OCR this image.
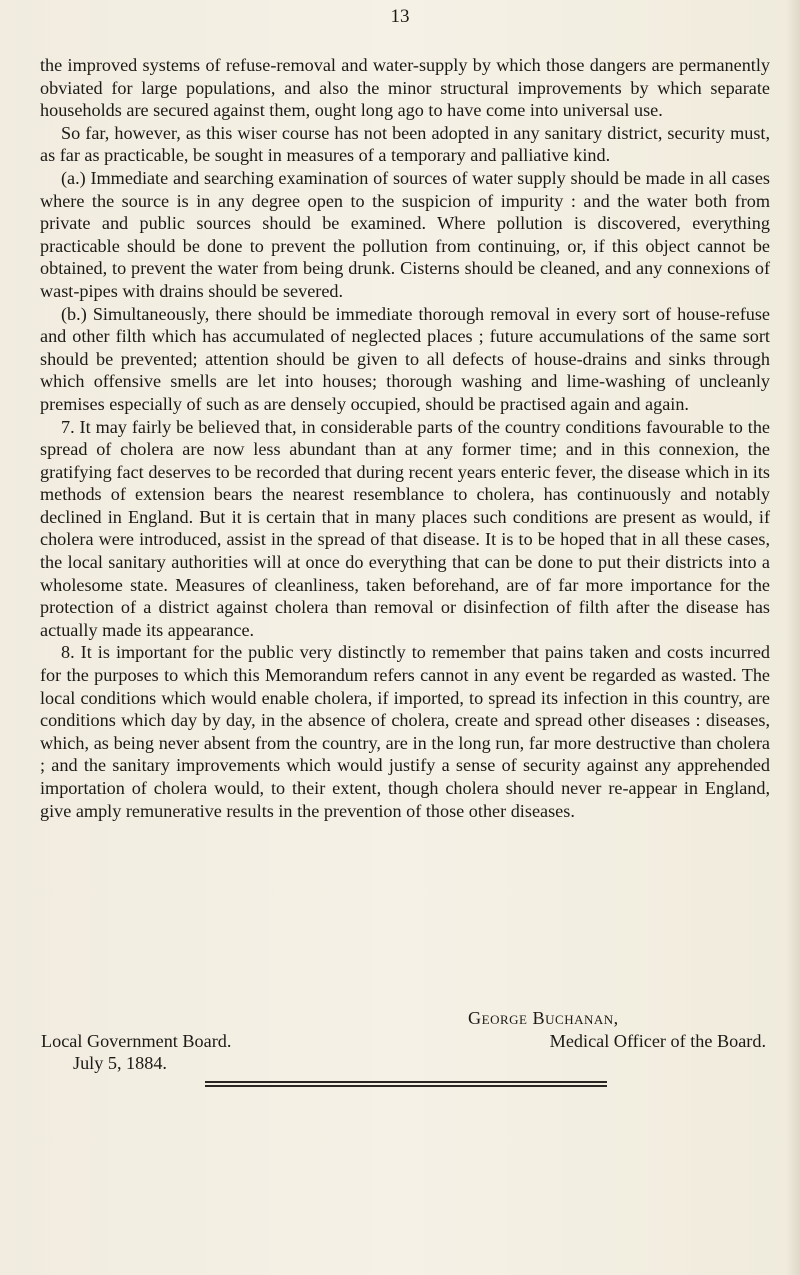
13

the improved systems of refuse-removal and water-supply by which those dangers are permanently obviated for large populations, and also the minor structural improvements by which separate households are secured against them, ought long ago to have come into universal use.

So far, however, as this wiser course has not been adopted in any sanitary district, security must, as far as practicable, be sought in measures of a temporary and palliative kind.

(a.) Immediate and searching examination of sources of water supply should be made in all cases where the source is in any degree open to the suspicion of impurity : and the water both from private and public sources should be examined. Where pollution is discovered, everything practicable should be done to prevent the pollution from continuing, or, if this object cannot be obtained, to prevent the water from being drunk. Cisterns should be cleaned, and any connexions of wast-pipes with drains should be severed.

(b.) Simultaneously, there should be immediate thorough removal in every sort of house-refuse and other filth which has accumulated of neglected places ; future accumulations of the same sort should be prevented; attention should be given to all defects of house-drains and sinks through which offensive smells are let into houses; thorough washing and lime-washing of uncleanly premises especially of such as are densely occupied, should be practised again and again.

7. It may fairly be believed that, in considerable parts of the country conditions favourable to the spread of cholera are now less abundant than at any former time; and in this connexion, the gratifying fact deserves to be recorded that during recent years enteric fever, the disease which in its methods of extension bears the nearest resemblance to cholera, has continuously and notably declined in England. But it is certain that in many places such conditions are present as would, if cholera were introduced, assist in the spread of that disease. It is to be hoped that in all these cases, the local sanitary authorities will at once do everything that can be done to put their districts into a wholesome state. Measures of cleanliness, taken beforehand, are of far more importance for the protection of a district against cholera than removal or disinfection of filth after the disease has actually made its appearance.

8. It is important for the public very distinctly to remember that pains taken and costs incurred for the purposes to which this Memorandum refers cannot in any event be regarded as wasted. The local conditions which would enable cholera, if imported, to spread its infection in this country, are conditions which day by day, in the absence of cholera, create and spread other diseases : diseases, which, as being never absent from the country, are in the long run, far more destructive than cholera ; and the sanitary improvements which would justify a sense of security against any apprehended importation of cholera would, to their extent, though cholera should never re-appear in England, give amply remunerative results in the prevention of those other diseases.

George Buchanan,
Local Government Board.	Medical Officer of the Board.
July 5, 1884.
